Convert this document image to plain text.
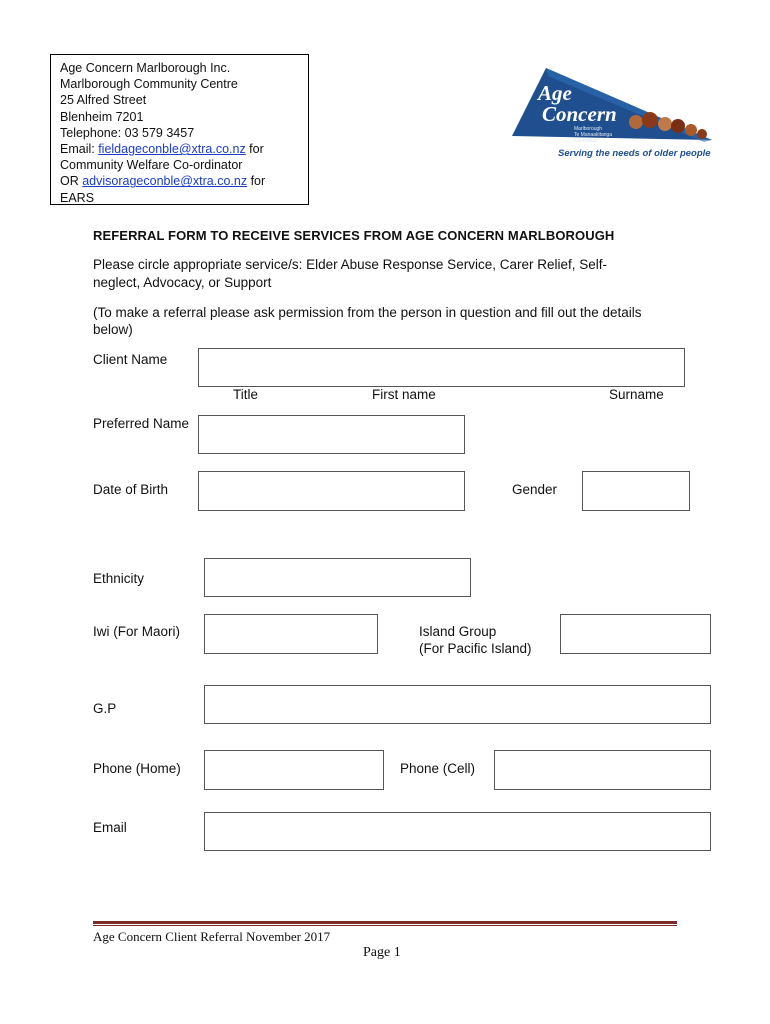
Age Concern Marlborough Inc.
Marlborough Community Centre
25 Alfred Street
Blenheim 7201
Telephone: 03 579 3457
Email: fieldageconble@xtra.co.nz for
Community Welfare Co-ordinator
OR advisorageconble@xtra.co.nz for
EARS
Age
Concern
Marlborough
Te Manaakitanga
Kaumātua
Serving the needs of older people
REFERRAL FORM TO RECEIVE SERVICES FROM AGE CONCERN MARLBOROUGH
Please circle appropriate service/s: Elder Abuse Response Service, Carer Relief, Self-
neglect, Advocacy, or Support
(To make a referral please ask permission from the person in question and fill out the details
below)
Client Name
Title	First name	Surname
Preferred Name
Date of Birth	Gender
Ethnicity
Iwi (For Maori)	Island Group
(For Pacific Island)
G.P
Phone (Home)	Phone (Cell)
Email
Age Concern Client Referral November 2017
Page 1
